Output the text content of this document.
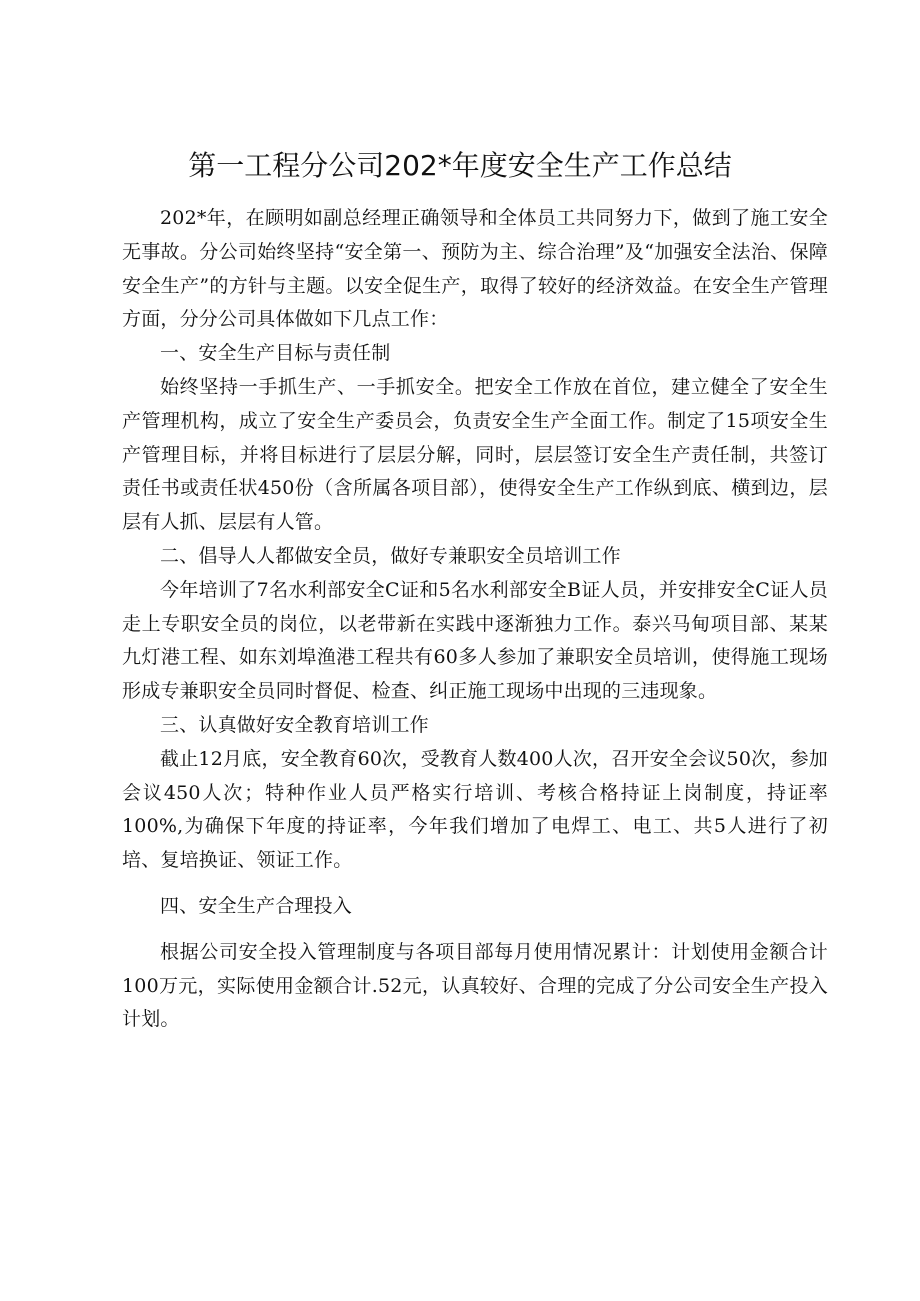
第一工程分公司202*年度安全生产工作总结

202*年，在顾明如副总经理正确领导和全体员工共同努力下，做到了施工安全无事故。分公司始终坚持“安全第一、预防为主、综合治理”及“加强安全法治、保障安全生产”的方针与主题。以安全促生产，取得了较好的经济效益。在安全生产管理方面，分分公司具体做如下几点工作：

一、安全生产目标与责任制

始终坚持一手抓生产、一手抓安全。把安全工作放在首位，建立健全了安全生产管理机构，成立了安全生产委员会，负责安全生产全面工作。制定了15项安全生产管理目标，并将目标进行了层层分解，同时，层层签订安全生产责任制，共签订责任书或责任状450份（含所属各项目部），使得安全生产工作纵到底、横到边，层层有人抓、层层有人管。

二、倡导人人都做安全员，做好专兼职安全员培训工作

今年培训了7名水利部安全C证和5名水利部安全B证人员，并安排安全C证人员走上专职安全员的岗位，以老带新在实践中逐渐独力工作。泰兴马甸项目部、某某九灯港工程、如东刘埠渔港工程共有60多人参加了兼职安全员培训，使得施工现场形成专兼职安全员同时督促、检查、纠正施工现场中出现的三违现象。

三、认真做好安全教育培训工作

截止12月底，安全教育60次，受教育人数400人次，召开安全会议50次，参加会议450人次；特种作业人员严格实行培训、考核合格持证上岗制度，持证率100%,为确保下年度的持证率，今年我们增加了电焊工、电工、共5人进行了初培、复培换证、领证工作。

四、安全生产合理投入

根据公司安全投入管理制度与各项目部每月使用情况累计：计划使用金额合计100万元，实际使用金额合计.52元，认真较好、合理的完成了分公司安全生产投入计划。
